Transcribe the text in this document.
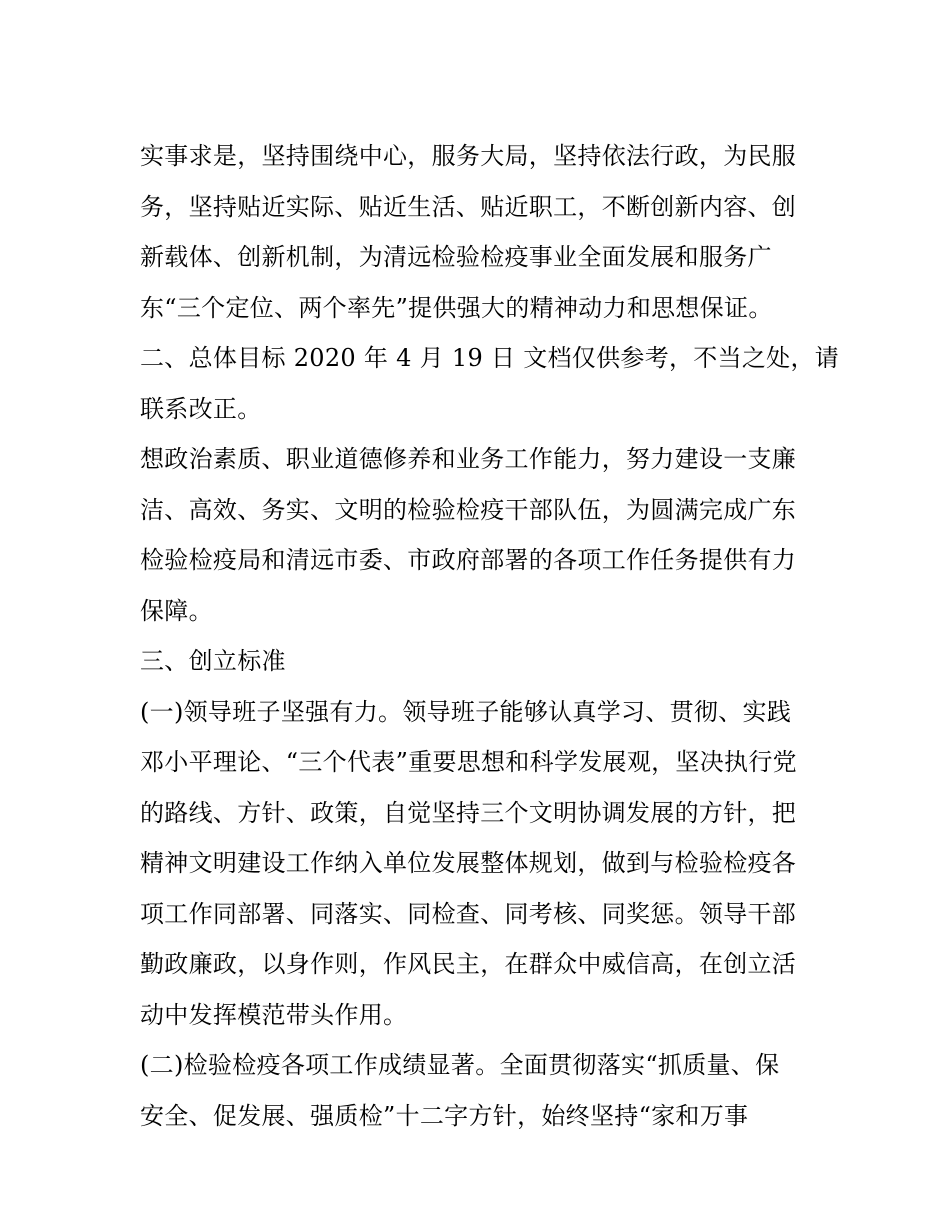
实事求是，坚持围绕中心，服务大局，坚持依法行政，为民服
务，坚持贴近实际、贴近生活、贴近职工，不断创新内容、创
新载体、创新机制，为清远检验检疫事业全面发展和服务广
东“三个定位、两个率先”提供强大的精神动力和思想保证。
二、总体目标 2020 年 4 月 19 日 文档仅供参考，不当之处，请
联系改正。
想政治素质、职业道德修养和业务工作能力，努力建设一支廉
洁、高效、务实、文明的检验检疫干部队伍，为圆满完成广东
检验检疫局和清远市委、市政府部署的各项工作任务提供有力
保障。
三、创立标准
(一)领导班子坚强有力。领导班子能够认真学习、贯彻、实践
邓小平理论、“三个代表”重要思想和科学发展观，坚决执行党
的路线、方针、政策，自觉坚持三个文明协调发展的方针，把
精神文明建设工作纳入单位发展整体规划，做到与检验检疫各
项工作同部署、同落实、同检查、同考核、同奖惩。领导干部
勤政廉政，以身作则，作风民主，在群众中威信高，在创立活
动中发挥模范带头作用。
(二)检验检疫各项工作成绩显著。全面贯彻落实“抓质量、保
安全、促发展、强质检”十二字方针，始终坚持“家和万事
